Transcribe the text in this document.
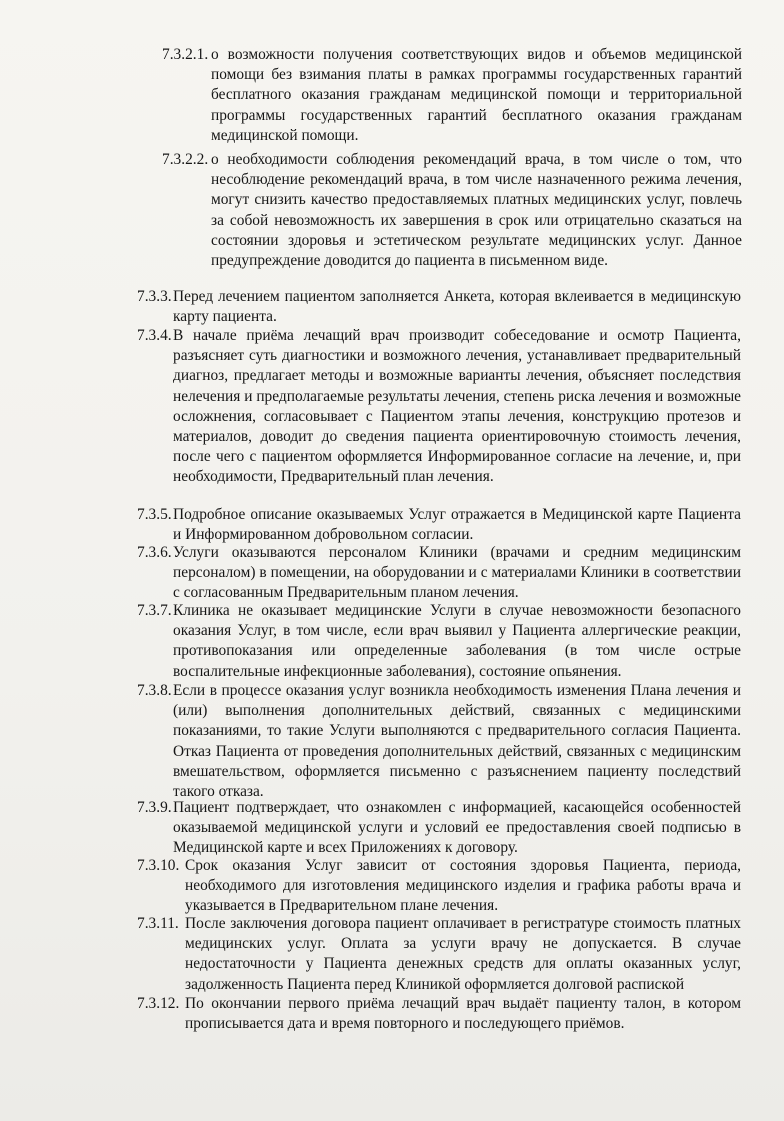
7.3.2.1. о возможности получения соответствующих видов и объемов медицинской помощи без взимания платы в рамках программы государственных гарантий бесплатного оказания гражданам медицинской помощи и территориальной программы государственных гарантий бесплатного оказания гражданам медицинской помощи.
7.3.2.2. о необходимости соблюдения рекомендаций врача, в том числе о том, что несоблюдение рекомендаций врача, в том числе назначенного режима лечения, могут снизить качество предоставляемых платных медицинских услуг, повлечь за собой невозможность их завершения в срок или отрицательно сказаться на состоянии здоровья и эстетическом результате медицинских услуг. Данное предупреждение доводится до пациента в письменном виде.
7.3.3. Перед лечением пациентом заполняется Анкета, которая вклеивается в медицинскую карту пациента.
7.3.4. В начале приёма лечащий врач производит собеседование и осмотр Пациента, разъясняет суть диагностики и возможного лечения, устанавливает предварительный диагноз, предлагает методы и возможные варианты лечения, объясняет последствия нелечения и предполагаемые результаты лечения, степень риска лечения и возможные осложнения, согласовывает с Пациентом этапы лечения, конструкцию протезов и материалов, доводит до сведения пациента ориентировочную стоимость лечения, после чего с пациентом оформляется Информированное согласие на лечение, и, при необходимости, Предварительный план лечения.
7.3.5. Подробное описание оказываемых Услуг отражается в Медицинской карте Пациента и Информированном добровольном согласии.
7.3.6. Услуги оказываются персоналом Клиники (врачами и средним медицинским персоналом) в помещении, на оборудовании и с материалами Клиники в соответствии с согласованным Предварительным планом лечения.
7.3.7. Клиника не оказывает медицинские Услуги в случае невозможности безопасного оказания Услуг, в том числе, если врач выявил у Пациента аллергические реакции, противопоказания или определенные заболевания (в том числе острые воспалительные инфекционные заболевания), состояние опьянения.
7.3.8. Если в процессе оказания услуг возникла необходимость изменения Плана лечения и (или) выполнения дополнительных действий, связанных с медицинскими показаниями, то такие Услуги выполняются с предварительного согласия Пациента. Отказ Пациента от проведения дополнительных действий, связанных с медицинским вмешательством, оформляется письменно с разъяснением пациенту последствий такого отказа.
7.3.9. Пациент подтверждает, что ознакомлен с информацией, касающейся особенностей оказываемой медицинской услуги и условий ее предоставления своей подписью в Медицинской карте и всех Приложениях к договору.
7.3.10. Срок оказания Услуг зависит от состояния здоровья Пациента, периода, необходимого для изготовления медицинского изделия и графика работы врача и указывается в Предварительном плане лечения.
7.3.11. После заключения договора пациент оплачивает в регистратуре стоимость платных медицинских услуг. Оплата за услуги врачу не допускается. В случае недостаточности у Пациента денежных средств для оплаты оказанных услуг, задолженность Пациента перед Клиникой оформляется долговой распиской
7.3.12. По окончании первого приёма лечащий врач выдаёт пациенту талон, в котором прописывается дата и время повторного и последующего приёмов.
